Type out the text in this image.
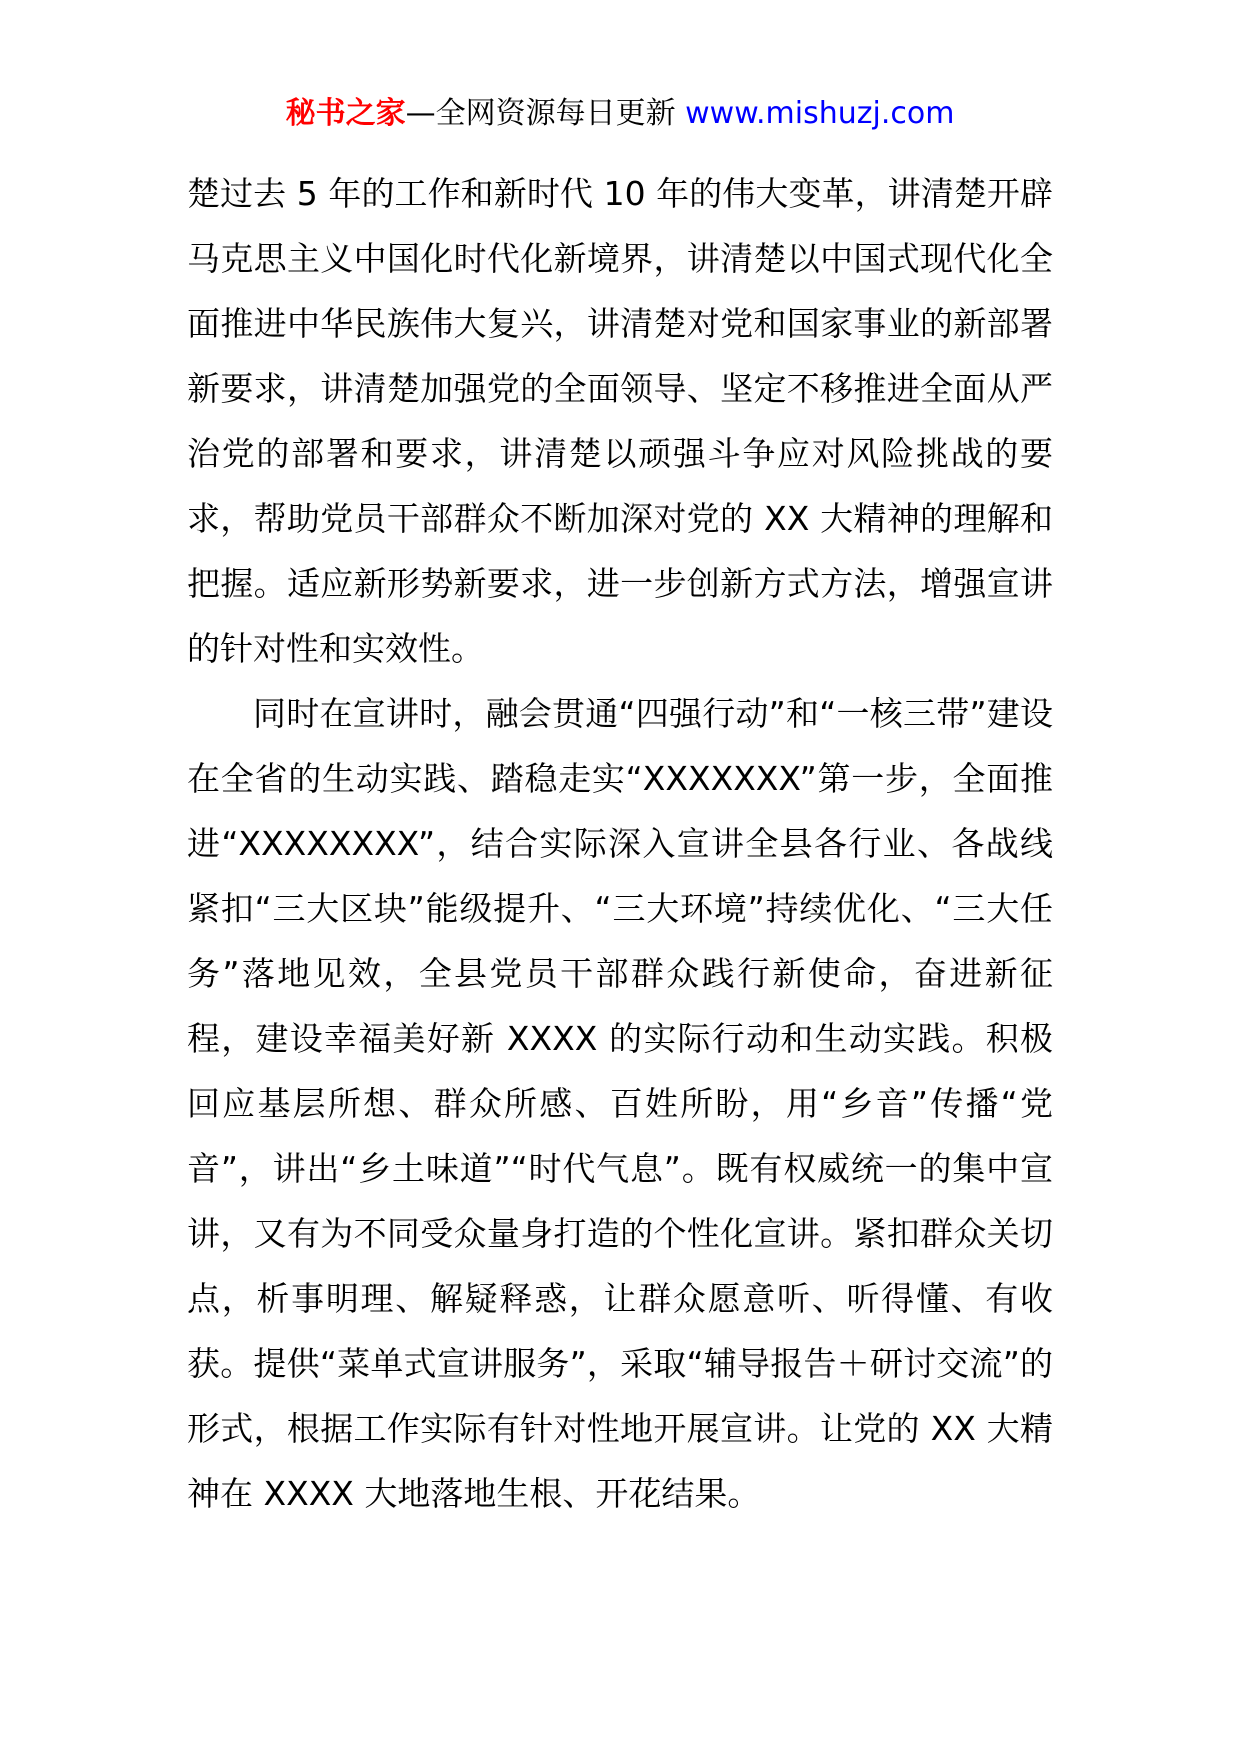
秘书之家—全网资源每日更新 www.mishuzj.com

楚过去 5 年的工作和新时代 10 年的伟大变革，讲清楚开辟马克思主义中国化时代化新境界，讲清楚以中国式现代化全面推进中华民族伟大复兴，讲清楚对党和国家事业的新部署新要求，讲清楚加强党的全面领导、坚定不移推进全面从严治党的部署和要求，讲清楚以顽强斗争应对风险挑战的要求，帮助党员干部群众不断加深对党的 XX 大精神的理解和把握。适应新形势新要求，进一步创新方式方法，增强宣讲的针对性和实效性。

同时在宣讲时，融会贯通“四强行动”和“一核三带”建设在全省的生动实践、踏稳走实“XXXXXXX”第一步，全面推进“XXXXXXXX”，结合实际深入宣讲全县各行业、各战线紧扣“三大区块”能级提升、“三大环境”持续优化、“三大任务”落地见效，全县党员干部群众践行新使命，奋进新征程，建设幸福美好新 XXXX 的实际行动和生动实践。积极回应基层所想、群众所感、百姓所盼，用“乡音”传播“党音”，讲出“乡土味道”“时代气息”。既有权威统一的集中宣讲，又有为不同受众量身打造的个性化宣讲。紧扣群众关切点，析事明理、解疑释惑，让群众愿意听、听得懂、有收获。提供“菜单式宣讲服务”，采取“辅导报告＋研讨交流”的形式，根据工作实际有针对性地开展宣讲。让党的 XX 大精神在 XXXX 大地落地生根、开花结果。
